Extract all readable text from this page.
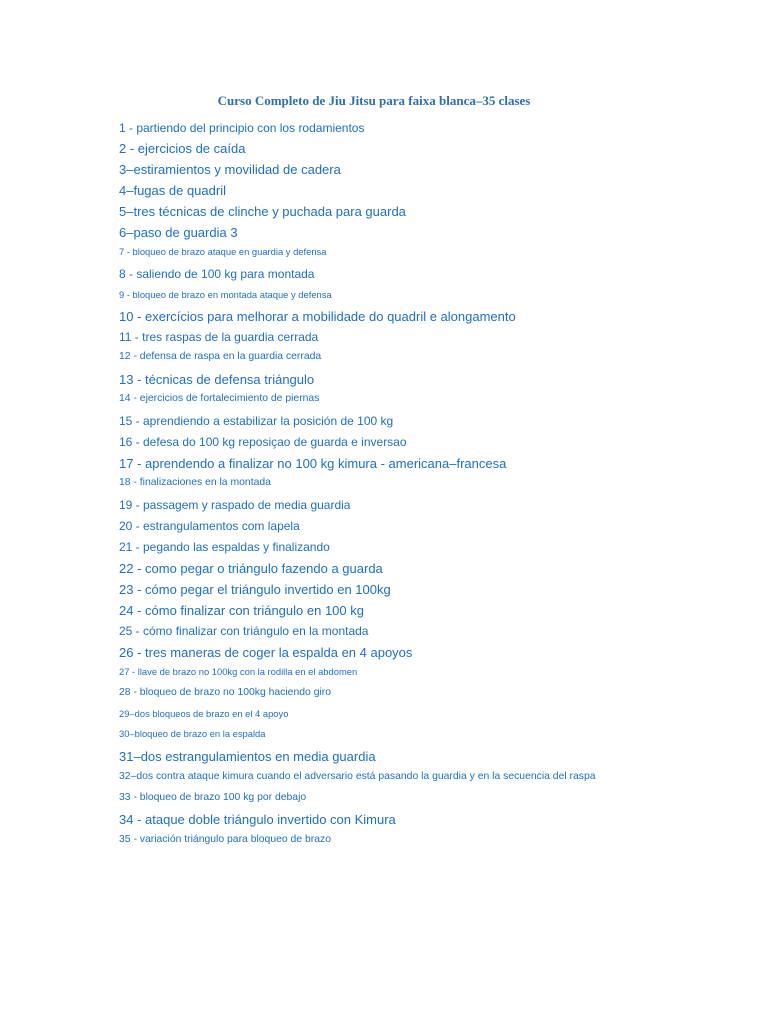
Curso Completo de Jiu Jitsu para faixa blanca–35 clases
1 - partiendo del principio con los rodamientos
2 - ejercicios de caída
3–estiramientos y movilidad de cadera
4–fugas de quadril
5–tres técnicas de clinche y puchada para guarda
6–paso de guardia 3
7 - bloqueo de brazo ataque en guardia y defensa
8 - saliendo de 100 kg para montada
9 - bloqueo de brazo en montada ataque y defensa
10 - exercícios para melhorar a mobilidade do quadril e alongamento
11 - tres raspas de la guardia cerrada
12 - defensa de raspa en la guardia cerrada
13 - técnicas de defensa triángulo
14 - ejercicios de fortalecimiento de piernas
15 - aprendiendo a estabilizar la posición de 100 kg
16 - defesa do 100 kg reposiçao de guarda e inversao
17 - aprendendo a finalizar no 100 kg kimura - americana–francesa
18 - finalizaciones en la montada
19 - passagem y raspado de media guardia
20 - estrangulamentos com lapela
21 - pegando las espaldas y finalizando
22 - como pegar o triángulo fazendo a guarda
23 - cómo pegar el triángulo invertido en 100kg
24 - cómo finalizar con triángulo en 100 kg
25 - cómo finalizar con triángulo en la montada
26 - tres maneras de coger la espalda en 4 apoyos
27 - llave de brazo no 100kg con la rodilla en el abdomen
28 - bloqueo de brazo no 100kg haciendo giro
29–dos bloqueos de brazo en el 4 apoyo
30–bloqueo de brazo en la espalda
31–dos estrangulamientos en media guardia
32–dos contra ataque kimura cuando el adversario está pasando la guardia y en la secuencia del raspa
33 - bloqueo de brazo 100 kg por debajo
34 - ataque doble triángulo invertido con Kimura
35 - variación triángulo para bloqueo de brazo
